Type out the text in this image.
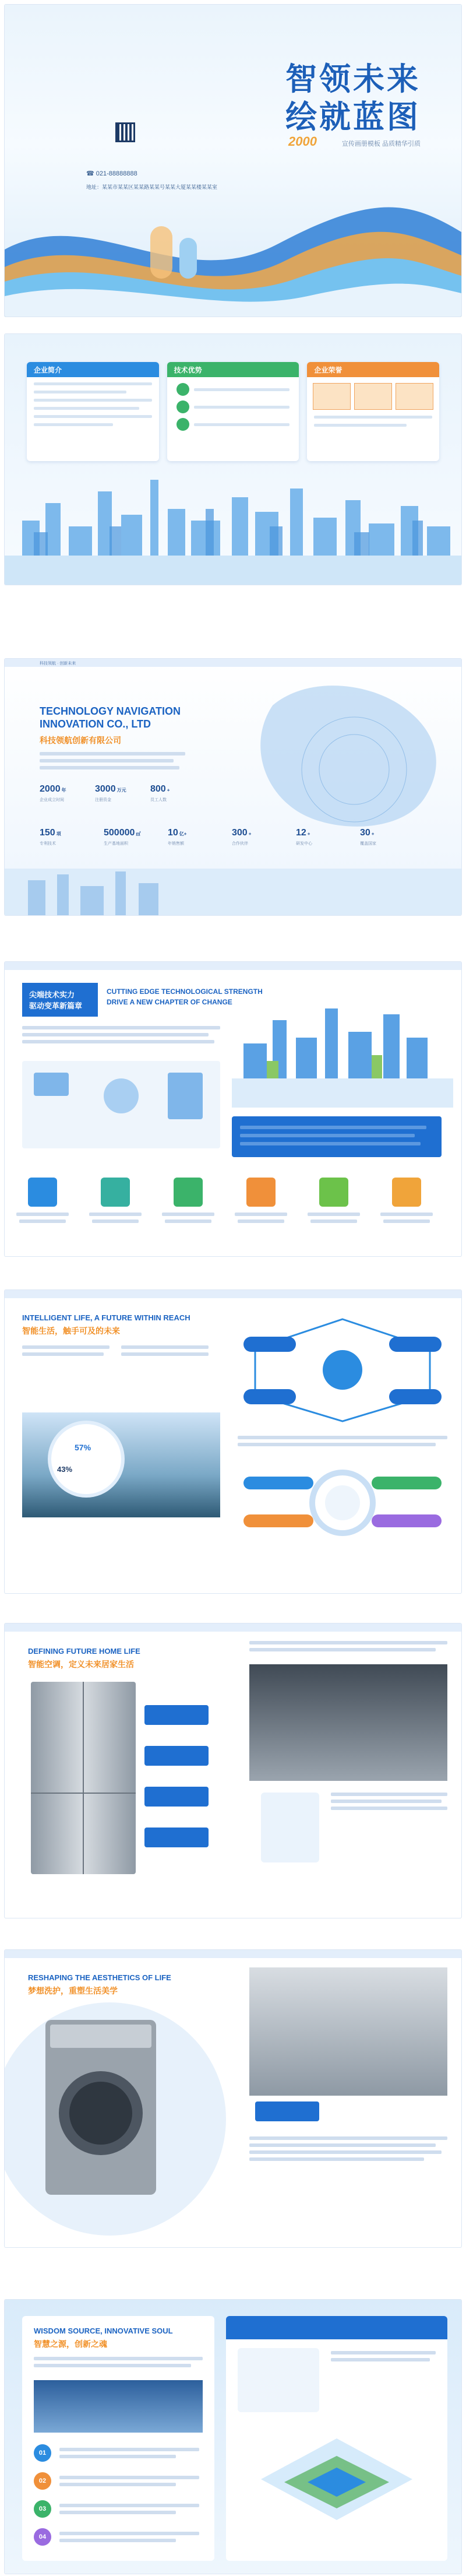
智领未来
绘就蓝图
2000	宣传画册模板 品质精华引质
☎ 021-88888888
地址：某某市某某区某某路某某号某某大厦某某楼某某室
企业简介	技术优势	企业荣誉
科技领航 · 创新未来
TECHNOLOGY NAVIGATION
INNOVATION CO., LTD
科技领航创新有限公司
2000 年
企业成立时间
3000 万元
注册资金
800 +
员工人数
150 项
专利技术
500000 ㎡
生产基地面积
10 亿+
年销售额
300 +
合作伙伴
12 +
研发中心
30 +
覆盖国家
尖端技术实力
驱动变革新篇章
CUTTING EDGE TECHNOLOGICAL STRENGTH
DRIVE A NEW CHAPTER OF CHANGE
INTELLIGENT LIFE, A FUTURE WITHIN REACH
智能生活，触手可及的未来
57%
43%
DEFINING FUTURE HOME LIFE
智能空调，定义未来居家生活
RESHAPING THE AESTHETICS OF LIFE
梦想洗护，重塑生活美学
WISDOM SOURCE, INNOVATIVE SOUL
智慧之源，创新之魂
01
02
03
04
